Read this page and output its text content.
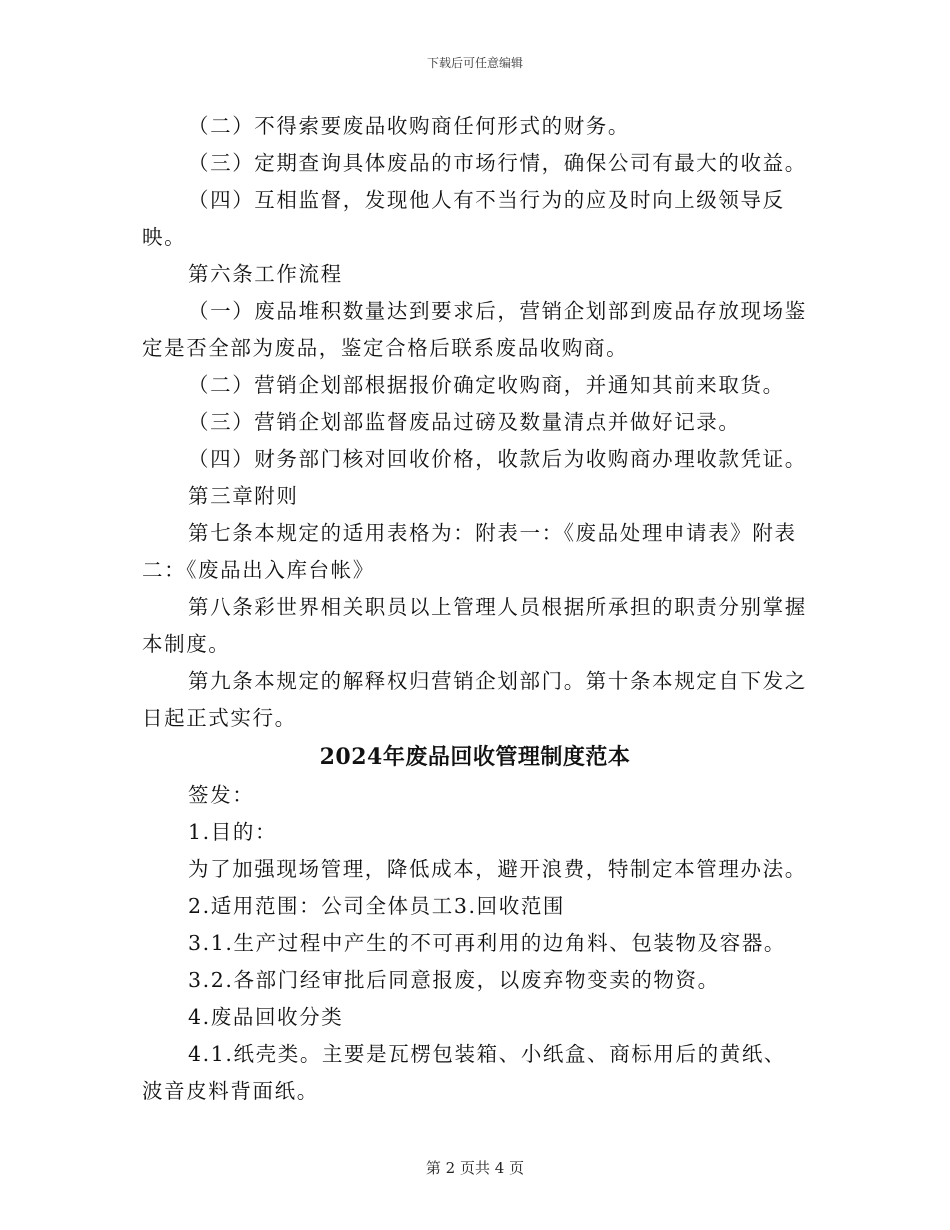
下载后可任意编辑

（二）不得索要废品收购商任何形式的财务。

（三）定期查询具体废品的市场行情，确保公司有最大的收益。

（四）互相监督，发现他人有不当行为的应及时向上级领导反映。

第六条工作流程

（一）废品堆积数量达到要求后，营销企划部到废品存放现场鉴定是否全部为废品，鉴定合格后联系废品收购商。

（二）营销企划部根据报价确定收购商，并通知其前来取货。

（三）营销企划部监督废品过磅及数量清点并做好记录。

（四）财务部门核对回收价格，收款后为收购商办理收款凭证。

第三章附则

第七条本规定的适用表格为：附表一：《废品处理申请表》附表二：《废品出入库台帐》

第八条彩世界相关职员以上管理人员根据所承担的职责分别掌握本制度。

第九条本规定的解释权归营销企划部门。第十条本规定自下发之日起正式实行。

2024年废品回收管理制度范本

签发：

1.目的：

为了加强现场管理，降低成本，避开浪费，特制定本管理办法。

2.适用范围：公司全体员工3.回收范围

3.1.生产过程中产生的不可再利用的边角料、包装物及容器。

3.2.各部门经审批后同意报废，以废弃物变卖的物资。

4.废品回收分类

4.1.纸壳类。主要是瓦楞包装箱、小纸盒、商标用后的黄纸、波音皮料背面纸。

第 2 页共 4 页
